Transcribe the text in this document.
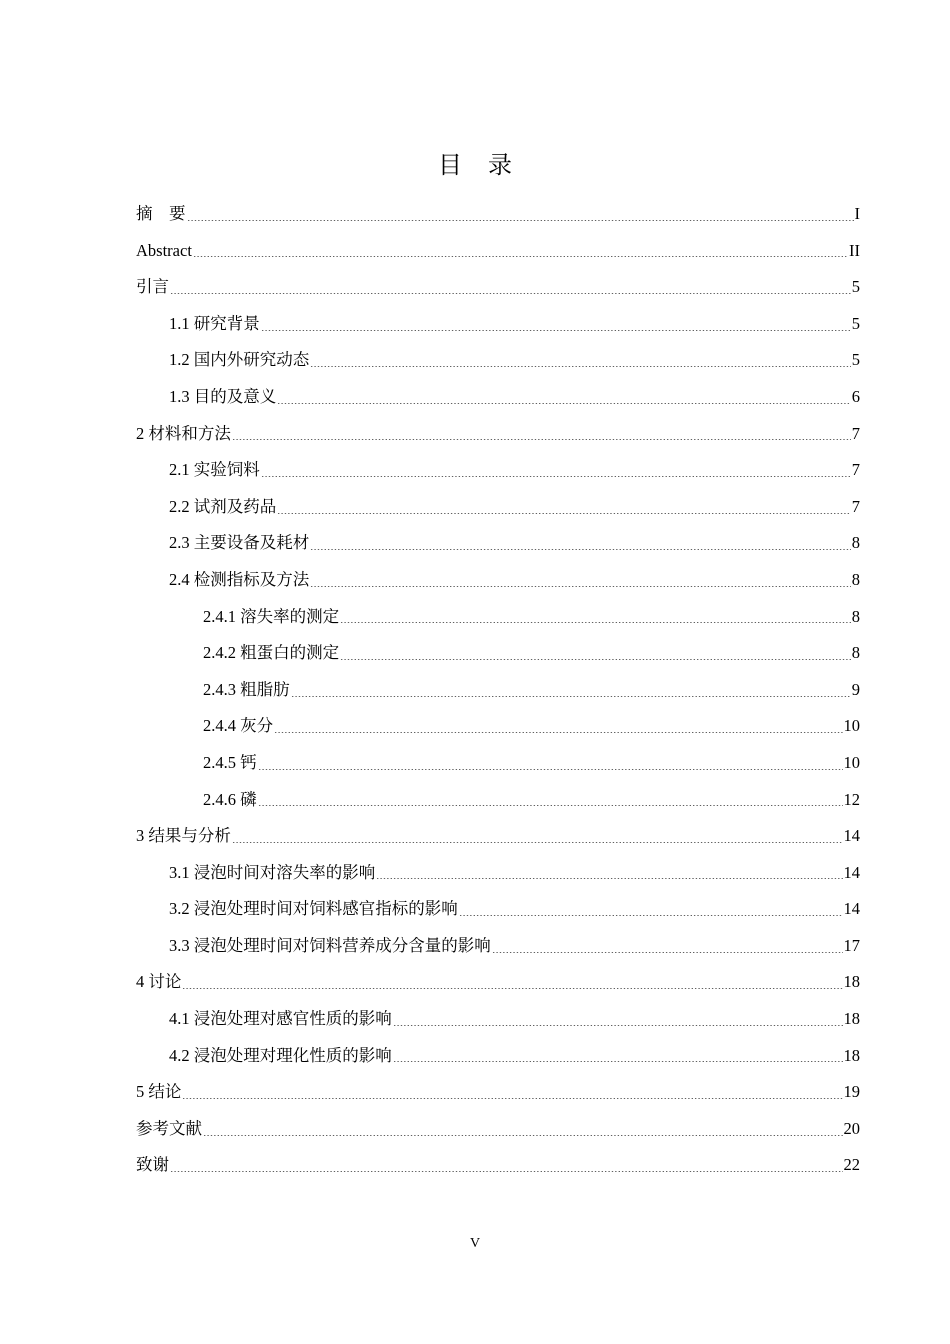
目 录
摘　要	I
Abstract	II
引言	5
1.1 研究背景	5
1.2 国内外研究动态	5
1.3 目的及意义	6
2 材料和方法	7
2.1 实验饲料	7
2.2 试剂及药品	7
2.3 主要设备及耗材	8
2.4 检测指标及方法	8
2.4.1 溶失率的测定	8
2.4.2 粗蛋白的测定	8
2.4.3 粗脂肪	9
2.4.4 灰分	10
2.4.5 钙	10
2.4.6 磷	12
3 结果与分析	14
3.1 浸泡时间对溶失率的影响	14
3.2 浸泡处理时间对饲料感官指标的影响	14
3.3 浸泡处理时间对饲料营养成分含量的影响	17
4 讨论	18
4.1 浸泡处理对感官性质的影响	18
4.2 浸泡处理对理化性质的影响	18
5 结论	19
参考文献	20
致谢	22
V
